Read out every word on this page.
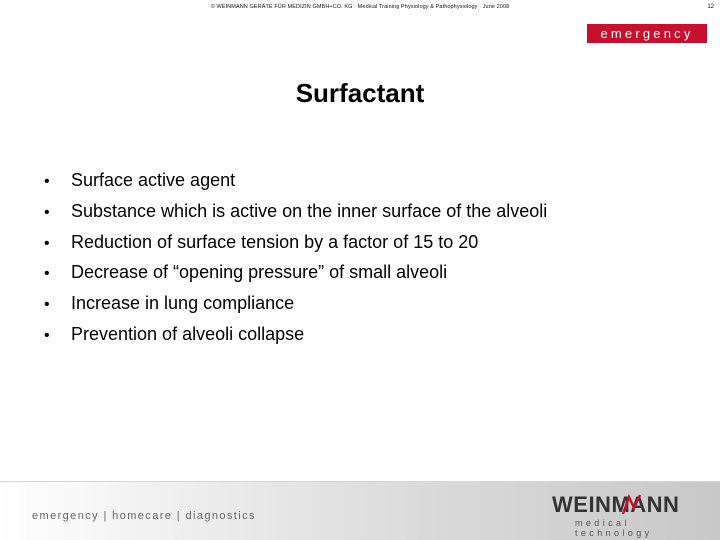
© WEINMANN GERÄTE FÜR MEDIZIN GMBH+CO. KG · Medical Training Physiology & Pathophysiology · June 2008	12
emergency
Surfactant
•	Surface active agent
•	Substance which is active on the inner surface of the alveoli
•	Reduction of surface tension by a factor of 15 to 20
•	Decrease of “opening pressure” of small alveoli
•	Increase in lung compliance
•	Prevention of alveoli collapse
emergency | homecare | diagnostics	WEINMANN
medical technology
